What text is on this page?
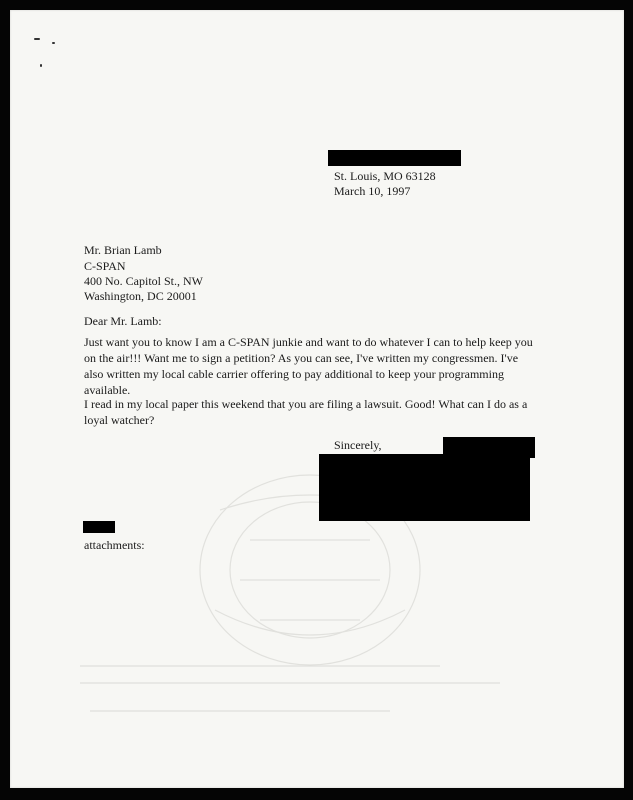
St. Louis, MO 63128
March 10, 1997
Mr. Brian Lamb
C-SPAN
400 No. Capitol St., NW
Washington, DC 20001
Dear Mr. Lamb:
Just want you to know I am a C-SPAN junkie and want to do whatever I can to help keep you on the air!!! Want me to sign a petition? As you can see, I've written my congressmen. I've also written my local cable carrier offering to pay additional to keep your programming available.
I read in my local paper this weekend that you are filing a lawsuit. Good! What can I do as a loyal watcher?
Sincerely,
attachments:
